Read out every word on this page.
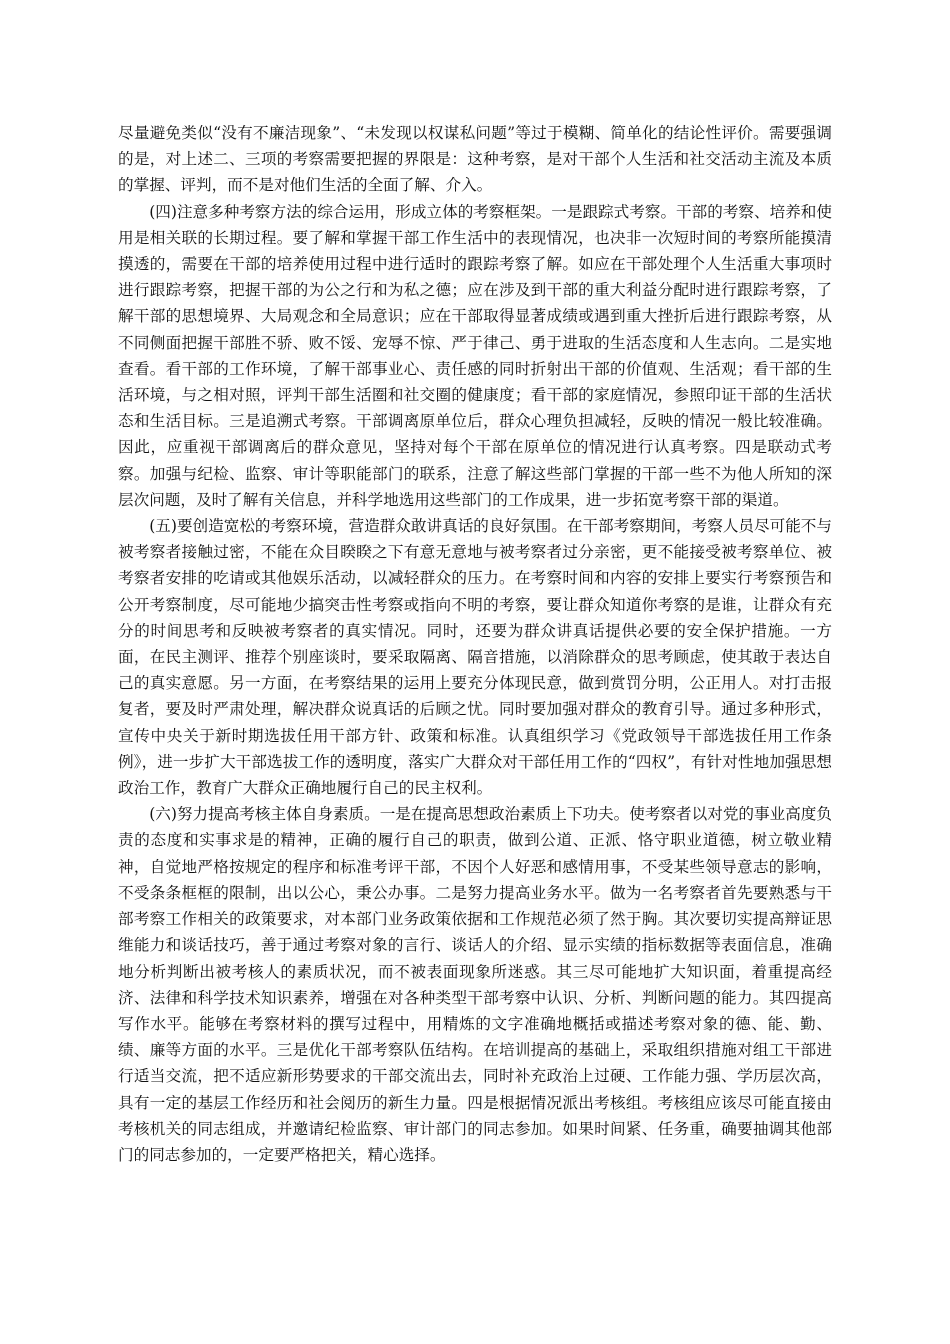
尽量避免类似“没有不廉洁现象”、“未发现以权谋私问题”等过于模糊、简单化的结论性评价。需要强调的是，对上述二、三项的考察需要把握的界限是：这种考察，是对干部个人生活和社交活动主流及本质的掌握、评判，而不是对他们生活的全面了解、介入。

(四)注意多种考察方法的综合运用，形成立体的考察框架。一是跟踪式考察。干部的考察、培养和使用是相关联的长期过程。要了解和掌握干部工作生活中的表现情况，也决非一次短时间的考察所能摸清摸透的，需要在干部的培养使用过程中进行适时的跟踪考察了解。如应在干部处理个人生活重大事项时进行跟踪考察，把握干部的为公之行和为私之德；应在涉及到干部的重大利益分配时进行跟踪考察，了解干部的思想境界、大局观念和全局意识；应在干部取得显著成绩或遇到重大挫折后进行跟踪考察，从不同侧面把握干部胜不骄、败不馁、宠辱不惊、严于律己、勇于进取的生活态度和人生志向。二是实地查看。看干部的工作环境，了解干部事业心、责任感的同时折射出干部的价值观、生活观；看干部的生活环境，与之相对照，评判干部生活圈和社交圈的健康度；看干部的家庭情况，参照印证干部的生活状态和生活目标。三是追溯式考察。干部调离原单位后，群众心理负担减轻，反映的情况一般比较准确。因此，应重视干部调离后的群众意见，坚持对每个干部在原单位的情况进行认真考察。四是联动式考察。加强与纪检、监察、审计等职能部门的联系，注意了解这些部门掌握的干部一些不为他人所知的深层次问题，及时了解有关信息，并科学地选用这些部门的工作成果，进一步拓宽考察干部的渠道。

(五)要创造宽松的考察环境，营造群众敢讲真话的良好氛围。在干部考察期间，考察人员尽可能不与被考察者接触过密，不能在众目睽睽之下有意无意地与被考察者过分亲密，更不能接受被考察单位、被考察者安排的吃请或其他娱乐活动，以减轻群众的压力。在考察时间和内容的安排上要实行考察预告和公开考察制度，尽可能地少搞突击性考察或指向不明的考察，要让群众知道你考察的是谁，让群众有充分的时间思考和反映被考察者的真实情况。同时，还要为群众讲真话提供必要的安全保护措施。一方面，在民主测评、推荐个别座谈时，要采取隔离、隔音措施，以消除群众的思考顾虑，使其敢于表达自己的真实意愿。另一方面，在考察结果的运用上要充分体现民意，做到赏罚分明，公正用人。对打击报复者，要及时严肃处理，解决群众说真话的后顾之忧。同时要加强对群众的教育引导。通过多种形式，宣传中央关于新时期选拔任用干部方针、政策和标准。认真组织学习《党政领导干部选拔任用工作条例》，进一步扩大干部选拔工作的透明度，落实广大群众对干部任用工作的“四权”，有针对性地加强思想政治工作，教育广大群众正确地履行自己的民主权利。

(六)努力提高考核主体自身素质。一是在提高思想政治素质上下功夫。使考察者以对党的事业高度负责的态度和实事求是的精神，正确的履行自己的职责，做到公道、正派、恪守职业道德，树立敬业精神，自觉地严格按规定的程序和标准考评干部，不因个人好恶和感情用事，不受某些领导意志的影响，不受条条框框的限制，出以公心，秉公办事。二是努力提高业务水平。做为一名考察者首先要熟悉与干部考察工作相关的政策要求，对本部门业务政策依据和工作规范必须了然于胸。其次要切实提高辩证思维能力和谈话技巧，善于通过考察对象的言行、谈话人的介绍、显示实绩的指标数据等表面信息，准确地分析判断出被考核人的素质状况，而不被表面现象所迷惑。其三尽可能地扩大知识面，着重提高经济、法律和科学技术知识素养，增强在对各种类型干部考察中认识、分析、判断问题的能力。其四提高写作水平。能够在考察材料的撰写过程中，用精炼的文字准确地概括或描述考察对象的德、能、勤、绩、廉等方面的水平。三是优化干部考察队伍结构。在培训提高的基础上，采取组织措施对组工干部进行适当交流，把不适应新形势要求的干部交流出去，同时补充政治上过硬、工作能力强、学历层次高，具有一定的基层工作经历和社会阅历的新生力量。四是根据情况派出考核组。考核组应该尽可能直接由考核机关的同志组成，并邀请纪检监察、审计部门的同志参加。如果时间紧、任务重，确要抽调其他部门的同志参加的，一定要严格把关，精心选择。
